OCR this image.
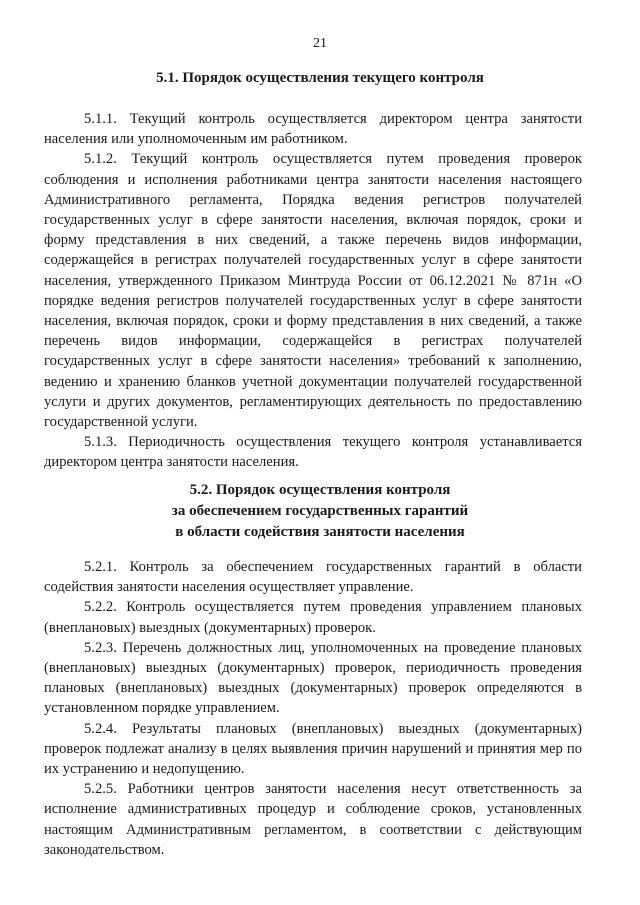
21
5.1. Порядок осуществления текущего контроля

5.1.1. Текущий контроль осуществляется директором центра занятости населения или уполномоченным им работником.

5.1.2. Текущий контроль осуществляется путем проведения проверок соблюдения и исполнения работниками центра занятости населения настоящего Административного регламента, Порядка ведения регистров получателей государственных услуг в сфере занятости населения, включая порядок, сроки и форму представления в них сведений, а также перечень видов информации, содержащейся в регистрах получателей государственных услуг в сфере занятости населения, утвержденного Приказом Минтруда России от 06.12.2021 № 871н «О порядке ведения регистров получателей государственных услуг в сфере занятости населения, включая порядок, сроки и форму представления в них сведений, а также перечень видов информации, содержащейся в регистрах получателей государственных услуг в сфере занятости населения» требований к заполнению, ведению и хранению бланков учетной документации получателей государственной услуги и других документов, регламентирующих деятельность по предоставлению государственной услуги.

5.1.3. Периодичность осуществления текущего контроля устанавливается директором центра занятости населения.

5.2. Порядок осуществления контроля
за обеспечением государственных гарантий
в области содействия занятости населения

5.2.1. Контроль за обеспечением государственных гарантий в области содействия занятости населения осуществляет управление.

5.2.2. Контроль осуществляется путем проведения управлением плановых (внеплановых) выездных (документарных) проверок.

5.2.3. Перечень должностных лиц, уполномоченных на проведение плановых (внеплановых) выездных (документарных) проверок, периодичность проведения плановых (внеплановых) выездных (документарных) проверок определяются в установленном порядке управлением.

5.2.4. Результаты плановых (внеплановых) выездных (документарных) проверок подлежат анализу в целях выявления причин нарушений и принятия мер по их устранению и недопущению.

5.2.5. Работники центров занятости населения несут ответственность за исполнение административных процедур и соблюдение сроков, установленных настоящим Административным регламентом, в соответствии с действующим законодательством.
